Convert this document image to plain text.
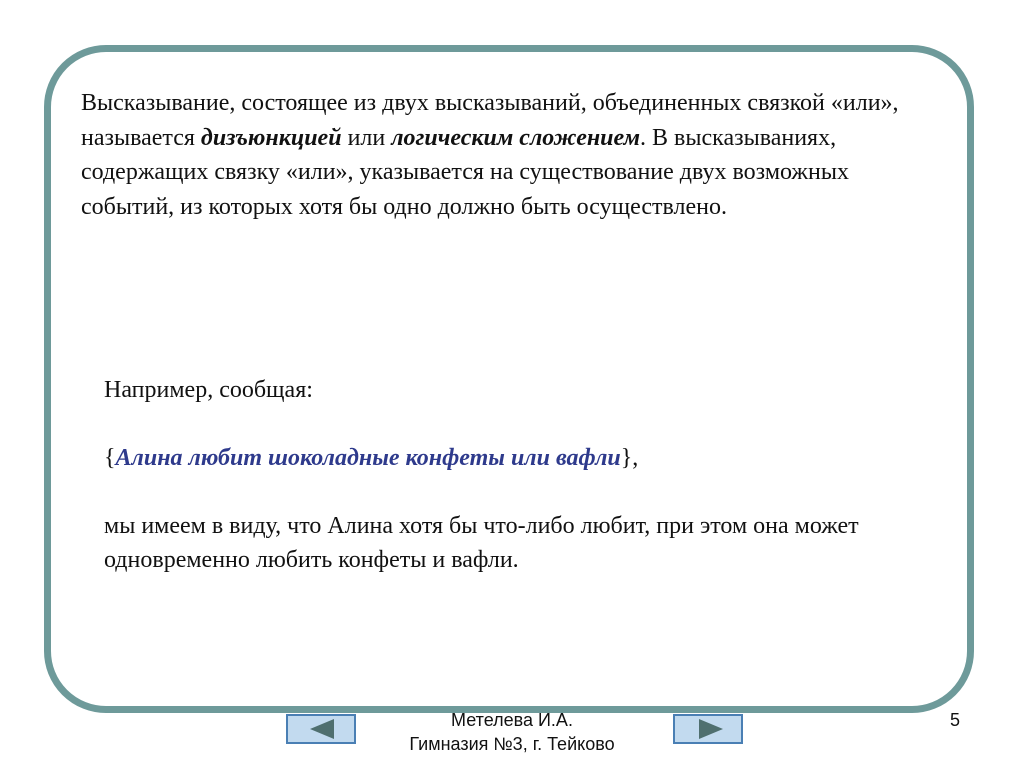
Высказывание, состоящее из двух высказываний, объединенных связкой «или», называется дизъюнкцией или логическим сложением. В высказываниях, содержащих связку «или», указывается на существование двух возможных событий, из которых хотя бы одно должно быть осуществлено.

Например, сообщая:

{Алина любит шоколадные конфеты или вафли},

мы имеем в виду, что Алина хотя бы что-либо любит, при этом она может одновременно любить конфеты и вафли.

Метелева И.А.
Гимназия №3, г. Тейково
5
